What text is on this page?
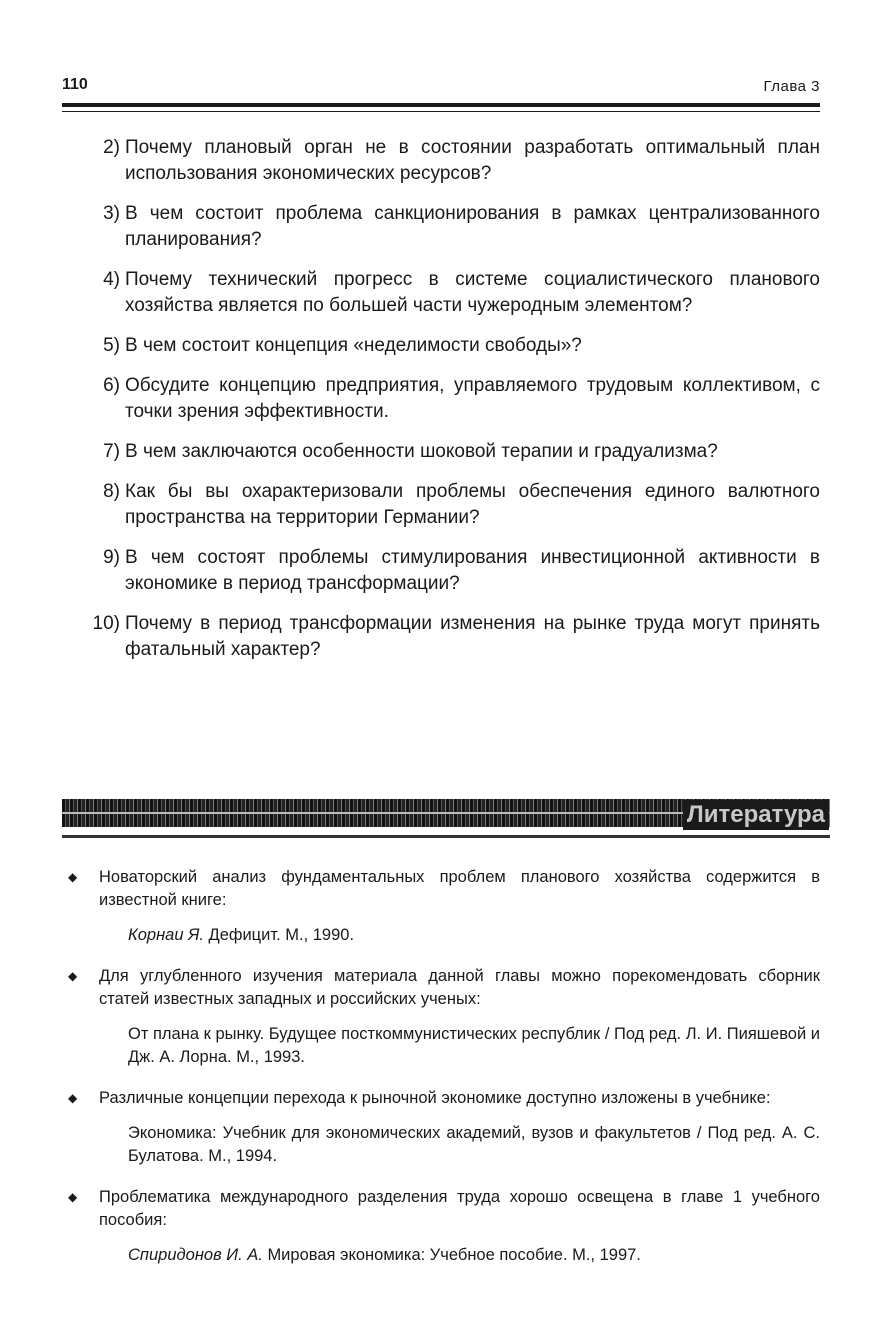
110	Глава 3
2) Почему плановый орган не в состоянии разработать оптимальный план использования экономических ресурсов?
3) В чем состоит проблема санкционирования в рамках централизованного планирования?
4) Почему технический прогресс в системе социалистического планового хозяйства является по большей части чужеродным элементом?
5) В чем состоит концепция «неделимости свободы»?
6) Обсудите концепцию предприятия, управляемого трудовым коллективом, с точки зрения эффективности.
7) В чем заключаются особенности шоковой терапии и градуализма?
8) Как бы вы охарактеризовали проблемы обеспечения единого валютного пространства на территории Германии?
9) В чем состоят проблемы стимулирования инвестиционной активности в экономике в период трансформации?
10) Почему в период трансформации изменения на рынке труда могут принять фатальный характер?
Литература
◆ Новаторский анализ фундаментальных проблем планового хозяйства содержится в известной книге:
Корнаи Я. Дефицит. М., 1990.
◆ Для углубленного изучения материала данной главы можно порекомендовать сборник статей известных западных и российских ученых:
От плана к рынку. Будущее посткоммунистических республик / Под ред. Л. И. Пияшевой и Дж. А. Лорна. М., 1993.
◆ Различные концепции перехода к рыночной экономике доступно изложены в учебнике:
Экономика: Учебник для экономических академий, вузов и факультетов / Под ред. А. С. Булатова. М., 1994.
◆ Проблематика международного разделения труда хорошо освещена в главе 1 учебного пособия:
Спиридонов И. А. Мировая экономика: Учебное пособие. М., 1997.
